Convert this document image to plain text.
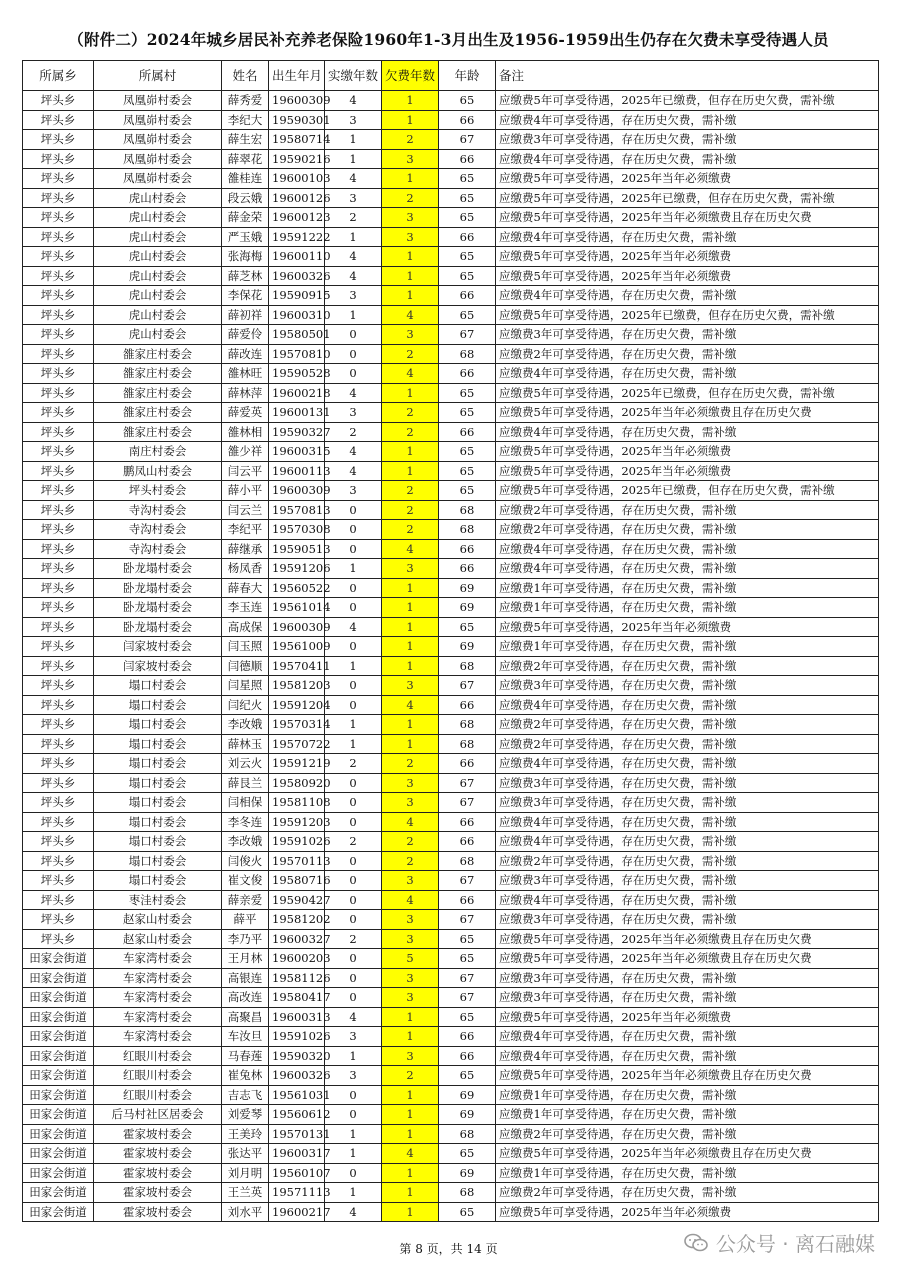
（附件二）2024年城乡居民补充养老保险1960年1-3月出生及1956-1959出生仍存在欠费未享受待遇人员
所属乡	所属村	姓名	出生年月	实缴年数	欠费年数	年龄	备注
坪头乡	凤凰峁村委会	薛秀爱	19600309	4	1	65	应缴费5年可享受待遇，2025年已缴费，但存在历史欠费，需补缴
坪头乡	凤凰峁村委会	李纪大	19590301	3	1	66	应缴费4年可享受待遇，存在历史欠费，需补缴
坪头乡	凤凰峁村委会	薛生宏	19580714	1	2	67	应缴费3年可享受待遇，存在历史欠费，需补缴
坪头乡	凤凰峁村委会	薛翠花	19590216	1	3	66	应缴费4年可享受待遇，存在历史欠费，需补缴
坪头乡	凤凰峁村委会	雒桂连	19600103	4	1	65	应缴费5年可享受待遇，2025年当年必须缴费
坪头乡	虎山村委会	段云娥	19600126	3	2	65	应缴费5年可享受待遇，2025年已缴费，但存在历史欠费，需补缴
坪头乡	虎山村委会	薛金荣	19600123	2	3	65	应缴费5年可享受待遇，2025年当年必须缴费且存在历史欠费
坪头乡	虎山村委会	严玉娥	19591222	1	3	66	应缴费4年可享受待遇，存在历史欠费，需补缴
坪头乡	虎山村委会	张海梅	19600110	4	1	65	应缴费5年可享受待遇，2025年当年必须缴费
坪头乡	虎山村委会	薛芝林	19600326	4	1	65	应缴费5年可享受待遇，2025年当年必须缴费
坪头乡	虎山村委会	李保花	19590915	3	1	66	应缴费4年可享受待遇，存在历史欠费，需补缴
坪头乡	虎山村委会	薛初祥	19600310	1	4	65	应缴费5年可享受待遇，2025年已缴费，但存在历史欠费，需补缴
坪头乡	虎山村委会	薛爱伶	19580501	0	3	67	应缴费3年可享受待遇，存在历史欠费，需补缴
坪头乡	雒家庄村委会	薛改连	19570810	0	2	68	应缴费2年可享受待遇，存在历史欠费，需补缴
坪头乡	雒家庄村委会	雒林旺	19590528	0	4	66	应缴费4年可享受待遇，存在历史欠费，需补缴
坪头乡	雒家庄村委会	薛林萍	19600218	4	1	65	应缴费5年可享受待遇，2025年已缴费，但存在历史欠费，需补缴
坪头乡	雒家庄村委会	薛爱英	19600131	3	2	65	应缴费5年可享受待遇，2025年当年必须缴费且存在历史欠费
坪头乡	雒家庄村委会	雒林相	19590327	2	2	66	应缴费4年可享受待遇，存在历史欠费，需补缴
坪头乡	南庄村委会	雒少祥	19600315	4	1	65	应缴费5年可享受待遇，2025年当年必须缴费
坪头乡	鹏凤山村委会	闫云平	19600113	4	1	65	应缴费5年可享受待遇，2025年当年必须缴费
坪头乡	坪头村委会	薛小平	19600309	3	2	65	应缴费5年可享受待遇，2025年已缴费，但存在历史欠费，需补缴
坪头乡	寺沟村委会	闫云兰	19570813	0	2	68	应缴费2年可享受待遇，存在历史欠费，需补缴
坪头乡	寺沟村委会	李纪平	19570308	0	2	68	应缴费2年可享受待遇，存在历史欠费，需补缴
坪头乡	寺沟村委会	薛继承	19590513	0	4	66	应缴费4年可享受待遇，存在历史欠费，需补缴
坪头乡	卧龙塌村委会	杨凤香	19591206	1	3	66	应缴费4年可享受待遇，存在历史欠费，需补缴
坪头乡	卧龙塌村委会	薛春大	19560522	0	1	69	应缴费1年可享受待遇，存在历史欠费，需补缴
坪头乡	卧龙塌村委会	李玉连	19561014	0	1	69	应缴费1年可享受待遇，存在历史欠费，需补缴
坪头乡	卧龙塌村委会	高成保	19600309	4	1	65	应缴费5年可享受待遇，2025年当年必须缴费
坪头乡	闫家坡村委会	闫玉照	19561009	0	1	69	应缴费1年可享受待遇，存在历史欠费，需补缴
坪头乡	闫家坡村委会	闫德顺	19570411	1	1	68	应缴费2年可享受待遇，存在历史欠费，需补缴
坪头乡	塌口村委会	闫星照	19581203	0	3	67	应缴费3年可享受待遇，存在历史欠费，需补缴
坪头乡	塌口村委会	闫纪火	19591204	0	4	66	应缴费4年可享受待遇，存在历史欠费，需补缴
坪头乡	塌口村委会	李改娥	19570314	1	1	68	应缴费2年可享受待遇，存在历史欠费，需补缴
坪头乡	塌口村委会	薛林玉	19570722	1	1	68	应缴费2年可享受待遇，存在历史欠费，需补缴
坪头乡	塌口村委会	刘云火	19591219	2	2	66	应缴费4年可享受待遇，存在历史欠费，需补缴
坪头乡	塌口村委会	薛艮兰	19580920	0	3	67	应缴费3年可享受待遇，存在历史欠费，需补缴
坪头乡	塌口村委会	闫相保	19581108	0	3	67	应缴费3年可享受待遇，存在历史欠费，需补缴
坪头乡	塌口村委会	李冬连	19591203	0	4	66	应缴费4年可享受待遇，存在历史欠费，需补缴
坪头乡	塌口村委会	李改娥	19591026	2	2	66	应缴费4年可享受待遇，存在历史欠费，需补缴
坪头乡	塌口村委会	闫俊火	19570113	0	2	68	应缴费2年可享受待遇，存在历史欠费，需补缴
坪头乡	塌口村委会	崔文俊	19580716	0	3	67	应缴费3年可享受待遇，存在历史欠费，需补缴
坪头乡	枣洼村委会	薛亲爱	19590427	0	4	66	应缴费4年可享受待遇，存在历史欠费，需补缴
坪头乡	赵家山村委会	薛平	19581202	0	3	67	应缴费3年可享受待遇，存在历史欠费，需补缴
坪头乡	赵家山村委会	李乃平	19600327	2	3	65	应缴费5年可享受待遇，2025年当年必须缴费且存在历史欠费
田家会街道	车家湾村委会	王月林	19600203	0	5	65	应缴费5年可享受待遇，2025年当年必须缴费且存在历史欠费
田家会街道	车家湾村委会	高银连	19581126	0	3	67	应缴费3年可享受待遇，存在历史欠费，需补缴
田家会街道	车家湾村委会	高改连	19580417	0	3	67	应缴费3年可享受待遇，存在历史欠费，需补缴
田家会街道	车家湾村委会	高聚昌	19600313	4	1	65	应缴费5年可享受待遇，2025年当年必须缴费
田家会街道	车家湾村委会	车汝旦	19591026	3	1	66	应缴费4年可享受待遇，存在历史欠费，需补缴
田家会街道	红眼川村委会	马春莲	19590320	1	3	66	应缴费4年可享受待遇，存在历史欠费，需补缴
田家会街道	红眼川村委会	崔兔林	19600326	3	2	65	应缴费5年可享受待遇，2025年当年必须缴费且存在历史欠费
田家会街道	红眼川村委会	吉志飞	19561031	0	1	69	应缴费1年可享受待遇，存在历史欠费，需补缴
田家会街道	后马村社区居委会	刘爱琴	19560612	0	1	69	应缴费1年可享受待遇，存在历史欠费，需补缴
田家会街道	霍家坡村委会	王美玲	19570131	1	1	68	应缴费2年可享受待遇，存在历史欠费，需补缴
田家会街道	霍家坡村委会	张达平	19600317	1	4	65	应缴费5年可享受待遇，2025年当年必须缴费且存在历史欠费
田家会街道	霍家坡村委会	刘月明	19560107	0	1	69	应缴费1年可享受待遇，存在历史欠费，需补缴
田家会街道	霍家坡村委会	王兰英	19571113	1	1	68	应缴费2年可享受待遇，存在历史欠费，需补缴
田家会街道	霍家坡村委会	刘水平	19600217	4	1	65	应缴费5年可享受待遇，2025年当年必须缴费
第 8 页，共 14 页	公众号 · 离石融媒
